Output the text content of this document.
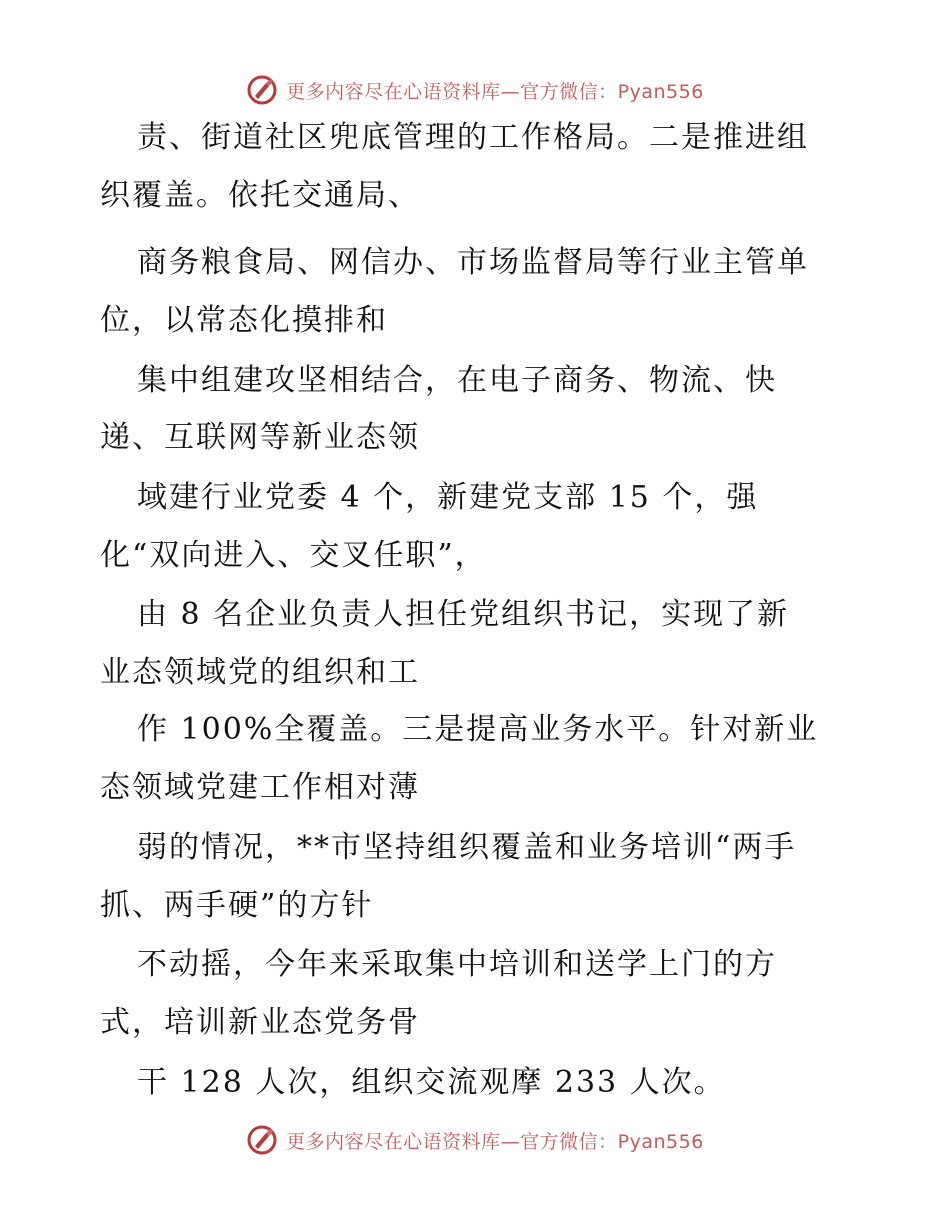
更多内容尽在心语资料库—官方微信：Pyan556
责、街道社区兜底管理的工作格局。二是推进组
织覆盖。依托交通局、
商务粮食局、网信办、市场监督局等行业主管单
位，以常态化摸排和
集中组建攻坚相结合，在电子商务、物流、快
递、互联网等新业态领
域建行业党委 4 个，新建党支部 15 个，强
化“双向进入、交叉任职”，
由 8 名企业负责人担任党组织书记，实现了新
业态领域党的组织和工
作 100%全覆盖。三是提高业务水平。针对新业
态领域党建工作相对薄
弱的情况，**市坚持组织覆盖和业务培训“两手
抓、两手硬”的方针
不动摇，今年来采取集中培训和送学上门的方
式，培训新业态党务骨
干 128 人次，组织交流观摩 233 人次。
更多内容尽在心语资料库—官方微信：Pyan556
